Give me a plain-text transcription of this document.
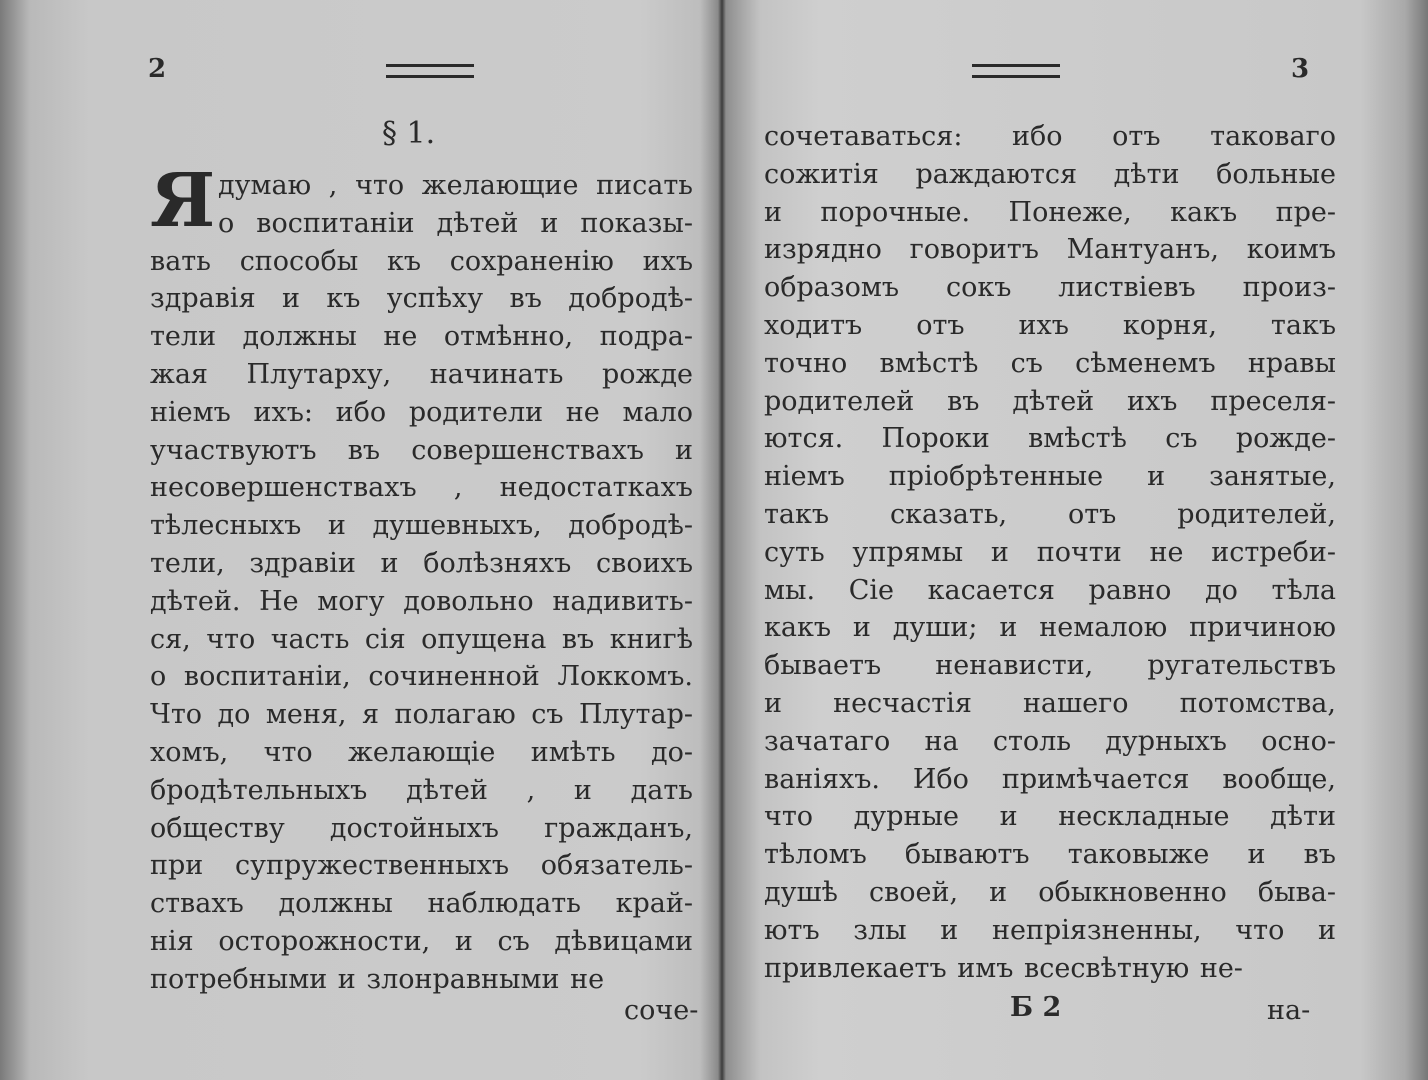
2
§ 1.
Я думаю , что желающие писать
о воспитаніи дѣтей и показы-
вать способы къ сохраненію ихъ
здравія и къ успѣху въ добродѣ-
тели должны не отмѣнно, подра-
жая Плутарху, начинать рожде
ніемъ ихъ: ибо родители не мало
участвуютъ въ совершенствахъ и
несовершенствахъ , недостаткахъ
тѣлесныхъ и душевныхъ, добродѣ-
тели, здравіи и болѣзняхъ своихъ
дѣтей. Не могу довольно надивить-
ся, что часть сія опущена въ книгѣ
о воспитаніи, сочиненной Локкомъ.
Что до меня, я полагаю съ Плутар-
хомъ, что желающіе имѣть до-
бродѣтельныхъ дѣтей , и дать
обществу достойныхъ гражданъ,
при супружественныхъ обязатель-
ствахъ должны наблюдать край-
нія осторожности, и съ дѣвицами
потребными и злонравными не
соче-
3
сочетаваться: ибо отъ таковаго
сожитія раждаются дѣти больные
и порочные. Понеже, какъ пре-
изрядно говоритъ Мантуанъ, коимъ
образомъ сокъ листвіевъ произ-
ходитъ отъ ихъ корня, такъ
точно вмѣстѣ съ сѣменемъ нравы
родителей въ дѣтей ихъ преселя-
ются. Пороки вмѣстѣ съ рожде-
ніемъ пріобрѣтенные и занятые,
такъ сказать, отъ родителей,
суть упрямы и почти не истреби-
мы. Сіе касается равно до тѣла
какъ и души; и немалою причиною
бываетъ ненависти, ругательствъ
и несчастія нашего потомства,
зачатаго на столь дурныхъ осно-
ваніяхъ. Ибо примѣчается вообще,
что дурные и нескладные дѣти
тѣломъ бываютъ таковыже и въ
душѣ своей, и обыкновенно быва-
ютъ злы и непріязненны, что и
привлекаетъ имъ всесвѣтную не-
Б 2	на-
